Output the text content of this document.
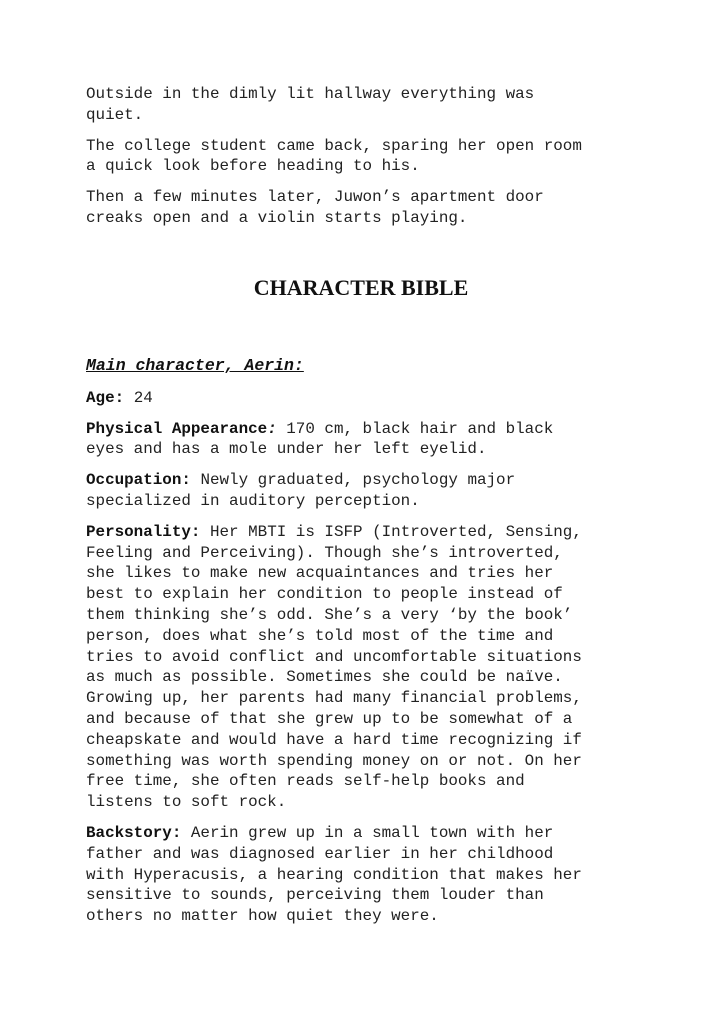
Outside in the dimly lit hallway everything was
quiet.

The college student came back, sparing her open room
a quick look before heading to his.

Then a few minutes later, Juwon’s apartment door
creaks open and a violin starts playing.

CHARACTER BIBLE
Main character, Aerin:

Age: 24

Physical Appearance: 170 cm, black hair and black
eyes and has a mole under her left eyelid.

Occupation: Newly graduated, psychology major
specialized in auditory perception.

Personality: Her MBTI is ISFP (Introverted, Sensing,
Feeling and Perceiving). Though she’s introverted,
she likes to make new acquaintances and tries her
best to explain her condition to people instead of
them thinking she’s odd. She’s a very ‘by the book’
person, does what she’s told most of the time and
tries to avoid conflict and uncomfortable situations
as much as possible. Sometimes she could be naïve.
Growing up, her parents had many financial problems,
and because of that she grew up to be somewhat of a
cheapskate and would have a hard time recognizing if
something was worth spending money on or not. On her
free time, she often reads self-help books and
listens to soft rock.

Backstory: Aerin grew up in a small town with her
father and was diagnosed earlier in her childhood
with Hyperacusis, a hearing condition that makes her
sensitive to sounds, perceiving them louder than
others no matter how quiet they were.
